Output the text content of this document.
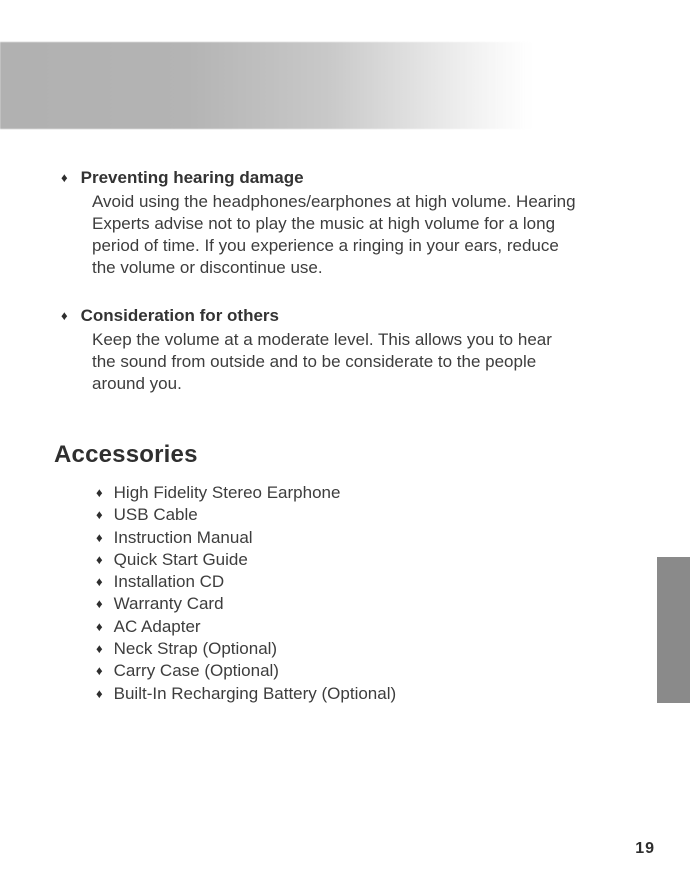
♦ Preventing hearing damage

Avoid using the headphones/earphones at high volume. Hearing Experts advise not to play the music at high volume for a long period of time. If you experience a ringing in your ears, reduce the volume or discontinue use.

♦ Consideration for others

Keep the volume at a moderate level. This allows you to hear the sound from outside and to be considerate to the people around you.

Accessories
♦ High Fidelity Stereo Earphone
♦ USB Cable
♦ Instruction Manual
♦ Quick Start Guide
♦ Installation CD
♦ Warranty Card
♦ AC Adapter
♦ Neck Strap (Optional)
♦ Carry Case (Optional)
♦ Built-In Recharging Battery (Optional)
19
